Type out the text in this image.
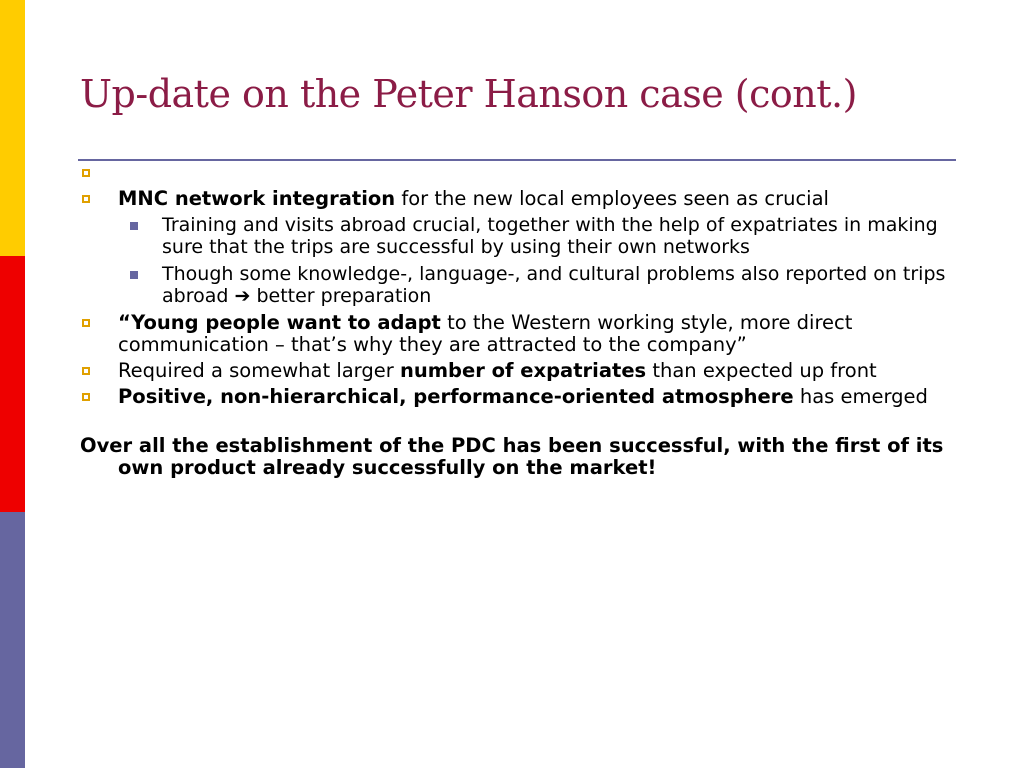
Up-date on the Peter Hanson case (cont.)
MNC network integration for the new local employees seen as crucial
Training and visits abroad crucial, together with the help of expatriates in making sure that the trips are successful by using their own networks
Though some knowledge-, language-, and cultural problems also reported on trips abroad ➔ better preparation
“Young people want to adapt to the Western working style, more direct communication – that’s why they are attracted to the company”
Required a somewhat larger number of expatriates than expected up front
Positive, non-hierarchical, performance-oriented atmosphere has emerged

Over all the establishment of the PDC has been successful, with the first of its own product already successfully on the market!
